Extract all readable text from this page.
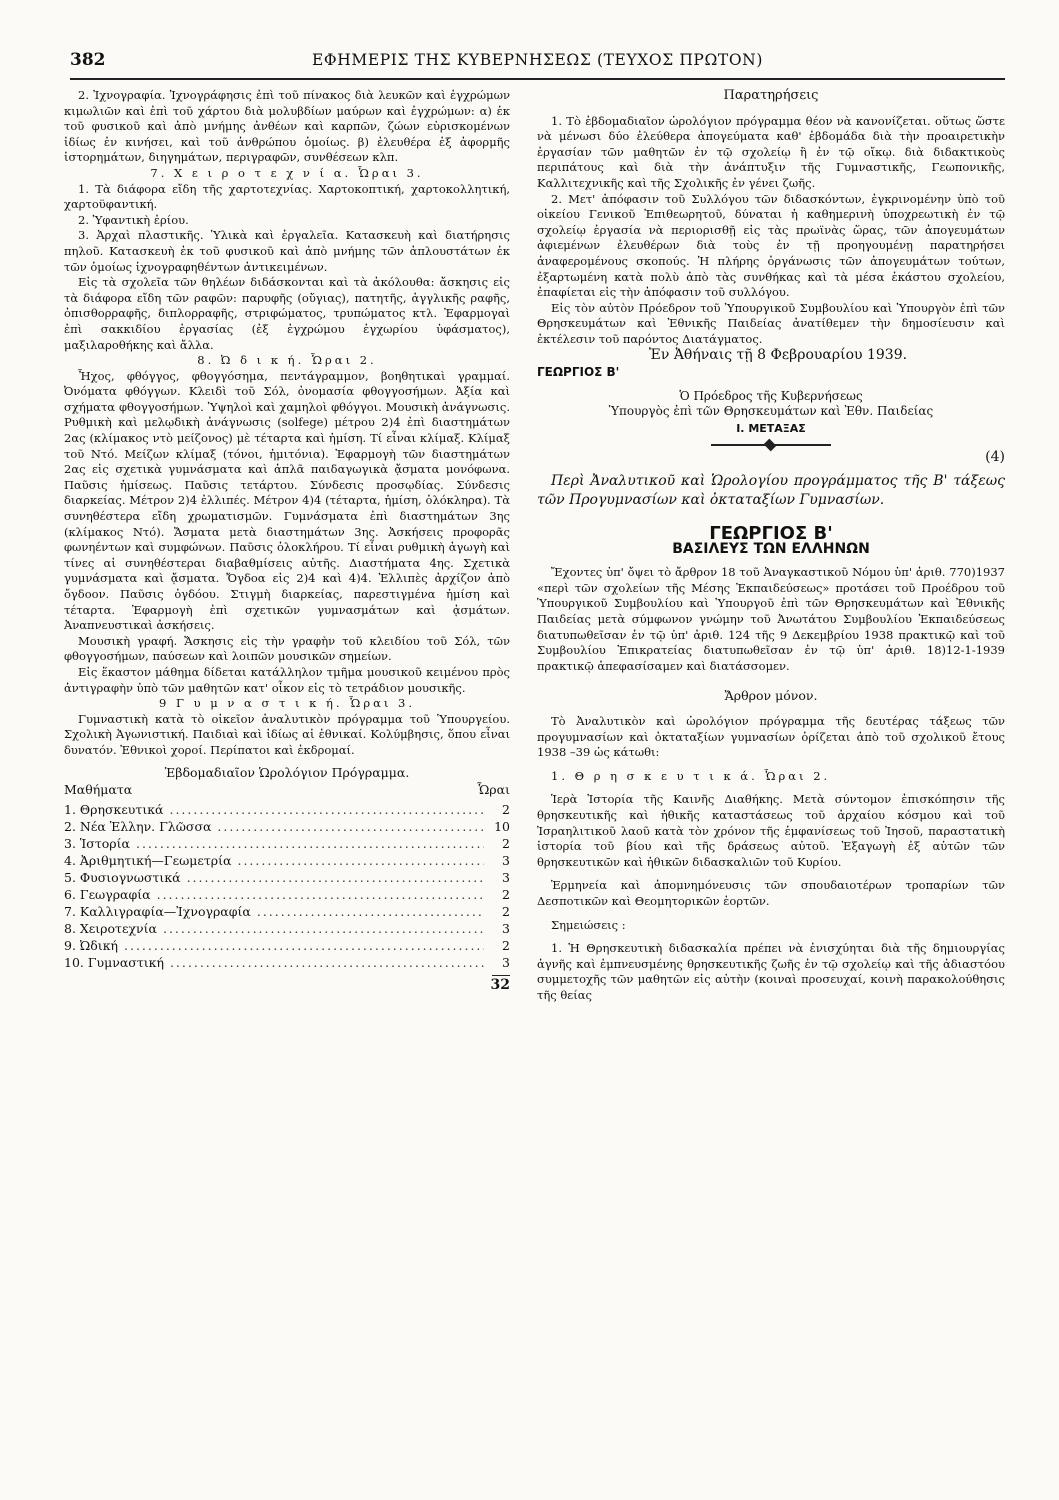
382	ΕΦΗΜΕΡΙΣ ΤΗΣ ΚΥΒΕΡΝΗΣΕΩΣ (ΤΕΥΧΟΣ ΠΡΩΤΟΝ)

2. Ἰχνογραφία. Ἰχνογράφησις ἐπὶ τοῦ πίνακος διὰ λευκῶν καὶ ἐγχρώμων κιμωλιῶν καὶ ἐπὶ τοῦ χάρτου διὰ μολυβδίων μαύρων καὶ ἐγχρώμων: α) ἐκ τοῦ φυσικοῦ καὶ ἀπὸ μνήμης ἀνθέων καὶ καρπῶν, ζώων εὑρισκομένων ἰδίως ἐν κινήσει, καὶ τοῦ ἀνθρώπου ὁμοίως. β) ἐλευθέρα ἐξ ἀφορμῆς ἱστορημάτων, διηγημάτων, περιγραφῶν, συνθέσεων κλπ.

7. Χ ε ι ρ ο τ ε χ ν ί α. Ὧραι 3.

1. Τὰ διάφορα εἴδη τῆς χαρτοτεχνίας. Χαρτοκοπτική, χαρτοκολλητική, χαρτοϋφαντική.

2. Ὑφαντικὴ ἐρίου.

3. Ἀρχαὶ πλαστικῆς. Ὑλικὰ καὶ ἐργαλεῖα. Κατασκευὴ καὶ διατήρησις πηλοῦ. Κατασκευὴ ἐκ τοῦ φυσικοῦ καὶ ἀπὸ μνήμης τῶν ἁπλουστάτων ἐκ τῶν ὁμοίως ἰχνογραφηθέντων ἀντικειμένων.

Εἰς τὰ σχολεῖα τῶν θηλέων διδάσκονται καὶ τὰ ἀκόλουθα: ἄσκησις εἰς τὰ διάφορα εἴδη τῶν ραφῶν: παρυφῆς (οὔγιας), πατητῆς, ἀγγλικῆς ραφῆς, ὀπισθορραφῆς, διπλορραφῆς, στριφώματος, τρυπώματος κτλ. Ἐφαρμογαὶ ἐπὶ σακκιδίου ἐργασίας (ἐξ ἐγχρώμου ἐγχωρίου ὑφάσματος), μαξιλαροθήκης καὶ ἄλλα.

8. Ὠ δ ι κ ή. Ὧραι 2.

Ἦχος, φθόγγος, φθογγόσημα, πεντάγραμμον, βοηθητικαὶ γραμμαί. Ὀνόματα φθόγγων. Κλειδὶ τοῦ Σόλ, ὀνομασία φθογγοσήμων. Ἀξία καὶ σχήματα φθογγοσήμων. Ὑψηλοὶ καὶ χαμηλοὶ φθόγγοι. Μουσικὴ ἀνάγνωσις. Ρυθμικὴ καὶ μελῳδικὴ ἀνάγνωσις (solfege) μέτρου 2)4 ἐπὶ διαστημάτων 2ας (κλίμακος ντὸ μείζονος) μὲ τέταρτα καὶ ἡμίση. Τί εἶναι κλίμαξ. Κλίμαξ τοῦ Ντό. Μείζων κλίμαξ (τόνοι, ἡμιτόνια). Ἐφαρμογὴ τῶν διαστημάτων 2ας εἰς σχετικὰ γυμνάσματα καὶ ἁπλᾶ παιδαγωγικὰ ᾄσματα μονόφωνα. Παῦσις ἡμίσεως. Παῦσις τετάρτου. Σύνδεσις προσῳδίας. Σύνδεσις διαρκείας. Μέτρον 2)4 ἐλλιπές. Μέτρον 4)4 (τέταρτα, ἡμίση, ὁλόκληρα). Τὰ συνηθέστερα εἴδη χρωματισμῶν. Γυμνάσματα ἐπὶ διαστημάτων 3ης (κλίμακος Ντό). Ἄσματα μετὰ διαστημάτων 3ης. Ἀσκήσεις προφορᾶς φωνηέντων καὶ συμφώνων. Παῦσις ὁλοκλήρου. Τί εἶναι ρυθμικὴ ἀγωγὴ καὶ τίνες αἱ συνηθέστεραι διαβαθμίσεις αὐτῆς. Διαστήματα 4ης. Σχετικὰ γυμνάσματα καὶ ᾄσματα. Ὄγδοα εἰς 2)4 καὶ 4)4. Ἐλλιπὲς ἀρχίζον ἀπὸ ὄγδοον. Παῦσις ὀγδόου. Στιγμὴ διαρκείας, παρεστιγμένα ἡμίση καὶ τέταρτα. Ἐφαρμογὴ ἐπὶ σχετικῶν γυμνασμάτων καὶ ᾀσμάτων. Ἀναπνευστικαὶ ἀσκήσεις.

Μουσικὴ γραφή. Ἄσκησις εἰς τὴν γραφὴν τοῦ κλειδίου τοῦ Σόλ, τῶν φθογγοσήμων, παύσεων καὶ λοιπῶν μουσικῶν σημείων.

Εἰς ἕκαστον μάθημα δίδεται κατάλληλον τμῆμα μουσικοῦ κειμένου πρὸς ἀντιγραφὴν ὑπὸ τῶν μαθητῶν κατ' οἶκον εἰς τὸ τετράδιον μουσικῆς.

9 Γ υ μ ν α σ τ ι κ ή. Ὧραι 3.

Γυμναστικὴ κατὰ τὸ οἰκεῖον ἀναλυτικὸν πρόγραμμα τοῦ Ὑπουργείου. Σχολικὴ Ἀγωνιστική. Παιδιαὶ καὶ ἰδίως αἱ ἐθνικαί. Κολύμβησις, ὅπου εἶναι δυνατόν. Ἐθνικοὶ χοροί. Περίπατοι καὶ ἐκδρομαί.

Ἑβδομαδιαῖον Ὡρολόγιον Πρόγραμμα.
Μαθήματα	Ὧραι
1. Θρησκευτικά .....	2
2. Νέα Ἑλλην. Γλῶσσα .....	10
3. Ἱστορία .....	2
4. Ἀριθμητική—Γεωμετρία .....	3
5. Φυσιογνωστικά .....	3
6. Γεωγραφία .....	2
7. Καλλιγραφία—Ἰχνογραφία .....	2
8. Χειροτεχνία .....	3
9. Ὠδική .....	2
10. Γυμναστική .....	3
32
Παρατηρήσεις

1. Τὸ ἑβδομαδιαῖον ὡρολόγιον πρόγραμμα θέον νὰ κανονίζεται. οὕτως ὥστε νὰ μένωσι δύο ἐλεύθερα ἀπογεύματα καθ' ἑβδομάδα διὰ τὴν προαιρετικὴν ἐργασίαν τῶν μαθητῶν ἐν τῷ σχολείῳ ἢ ἐν τῷ οἴκῳ. διὰ διδακτικοὺς περιπάτους καὶ διὰ τὴν ἀνάπτυξιν τῆς Γυμναστικῆς, Γεωπονικῆς, Καλλιτεχνικῆς καὶ τῆς Σχολικῆς ἐν γένει ζωῆς.

2. Μετ' ἀπόφασιν τοῦ Συλλόγου τῶν διδασκόντων, ἐγκρινομένην ὑπὸ τοῦ οἰκείου Γενικοῦ Ἐπιθεωρητοῦ, δύναται ἡ καθημερινὴ ὑποχρεωτικὴ ἐν τῷ σχολείῳ ἐργασία νὰ περιορισθῇ εἰς τὰς πρωϊνὰς ὥρας, τῶν ἀπογευμάτων ἀφιεμένων ἐλευθέρων διὰ τοὺς ἐν τῇ προηγουμένῃ παρατηρήσει ἀναφερομένους σκοπούς. Ἡ πλήρης ὀργάνωσις τῶν ἀπογευμάτων τούτων, ἐξαρτωμένη κατὰ πολὺ ἀπὸ τὰς συνθήκας καὶ τὰ μέσα ἑκάστου σχολείου, ἐπαφίεται εἰς τὴν ἀπόφασιν τοῦ συλλόγου.

Εἰς τὸν αὐτὸν Πρόεδρον τοῦ Ὑπουργικοῦ Συμβουλίου καὶ Ὑπουργὸν ἐπὶ τῶν Θρησκευμάτων καὶ Ἐθνικῆς Παιδείας ἀνατίθεμεν τὴν δημοσίευσιν καὶ ἐκτέλεσιν τοῦ παρόντος Διατάγματος.

Ἐν Ἀθήναις τῇ 8 Φεβρουαρίου 1939.

ΓΕΩΡΓΙΟΣ Β'
Ὁ Πρόεδρος τῆς Κυβερνήσεως
Ὑπουργὸς ἐπὶ τῶν Θρησκευμάτων καὶ Ἐθν. Παιδείας
Ι. ΜΕΤΑΞΑΣ
(4)

Περὶ Ἀναλυτικοῦ καὶ Ὡρολογίου προγράμματος τῆς Β' τάξεως τῶν Προγυμνασίων καὶ ὀκταταξίων Γυμνασίων.

ΓΕΩΡΓΙΟΣ Β'
ΒΑΣΙΛΕΥΣ ΤΩΝ ΕΛΛΗΝΩΝ

Ἔχοντες ὑπ' ὄψει τὸ ἄρθρον 18 τοῦ Ἀναγκαστικοῦ Νόμου ὑπ' ἀριθ. 770)1937 «περὶ τῶν σχολείων τῆς Μέσης Ἐκπαιδεύσεως» προτάσει τοῦ Προέδρου τοῦ Ὑπουργικοῦ Συμβουλίου καὶ Ὑπουργοῦ ἐπὶ τῶν Θρησκευμάτων καὶ Ἐθνικῆς Παιδείας μετὰ σύμφωνον γνώμην τοῦ Ἀνωτάτου Συμβουλίου Ἐκπαιδεύσεως διατυπωθεῖσαν ἐν τῷ ὑπ' ἀριθ. 124 τῆς 9 Δεκεμβρίου 1938 πρακτικῷ καὶ τοῦ Συμβουλίου Ἐπικρατείας διατυπωθεῖσαν ἐν τῷ ὑπ' ἀριθ. 18)12-1-1939 πρακτικῷ ἀπεφασίσαμεν καὶ διατάσσομεν.

Ἄρθρον μόνον.

Τὸ Ἀναλυτικὸν καὶ ὡρολόγιον πρόγραμμα τῆς δευτέρας τάξεως τῶν προγυμνασίων καὶ ὀκταταξίων γυμνασίων ὁρίζεται ἀπὸ τοῦ σχολικοῦ ἔτους 1938 –39 ὡς κάτωθι:

1. Θ ρ η σ κ ε υ τ ι κ ά. Ὧραι 2.

Ἱερὰ Ἱστορία τῆς Καινῆς Διαθήκης. Μετὰ σύντομον ἐπισκόπησιν τῆς θρησκευτικῆς καὶ ἠθικῆς καταστάσεως τοῦ ἀρχαίου κόσμου καὶ τοῦ Ἰσραηλιτικοῦ λαοῦ κατὰ τὸν χρόνον τῆς ἐμφανίσεως τοῦ Ἰησοῦ, παραστατικὴ ἱστορία τοῦ βίου καὶ τῆς δράσεως αὐτοῦ. Ἐξαγωγὴ ἐξ αὐτῶν τῶν θρησκευτικῶν καὶ ἠθικῶν διδασκαλιῶν τοῦ Κυρίου.

Ἑρμηνεία καὶ ἀπομνημόνευσις τῶν σπουδαιοτέρων τροπαρίων τῶν Δεσποτικῶν καὶ Θεομητορικῶν ἑορτῶν.

Σημειώσεις :

1. Ἡ Θρησκευτικὴ διδασκαλία πρέπει νὰ ἐνισχύηται διὰ τῆς δημιουργίας ἁγνῆς καὶ ἐμπνευσμένης θρησκευτικῆς ζωῆς ἐν τῷ σχολείῳ καὶ τῆς ἀδιαστόου συμμετοχῆς τῶν μαθητῶν εἰς αὐτὴν (κοιναὶ προσευχαί, κοινὴ παρακολούθησις τῆς θείας
